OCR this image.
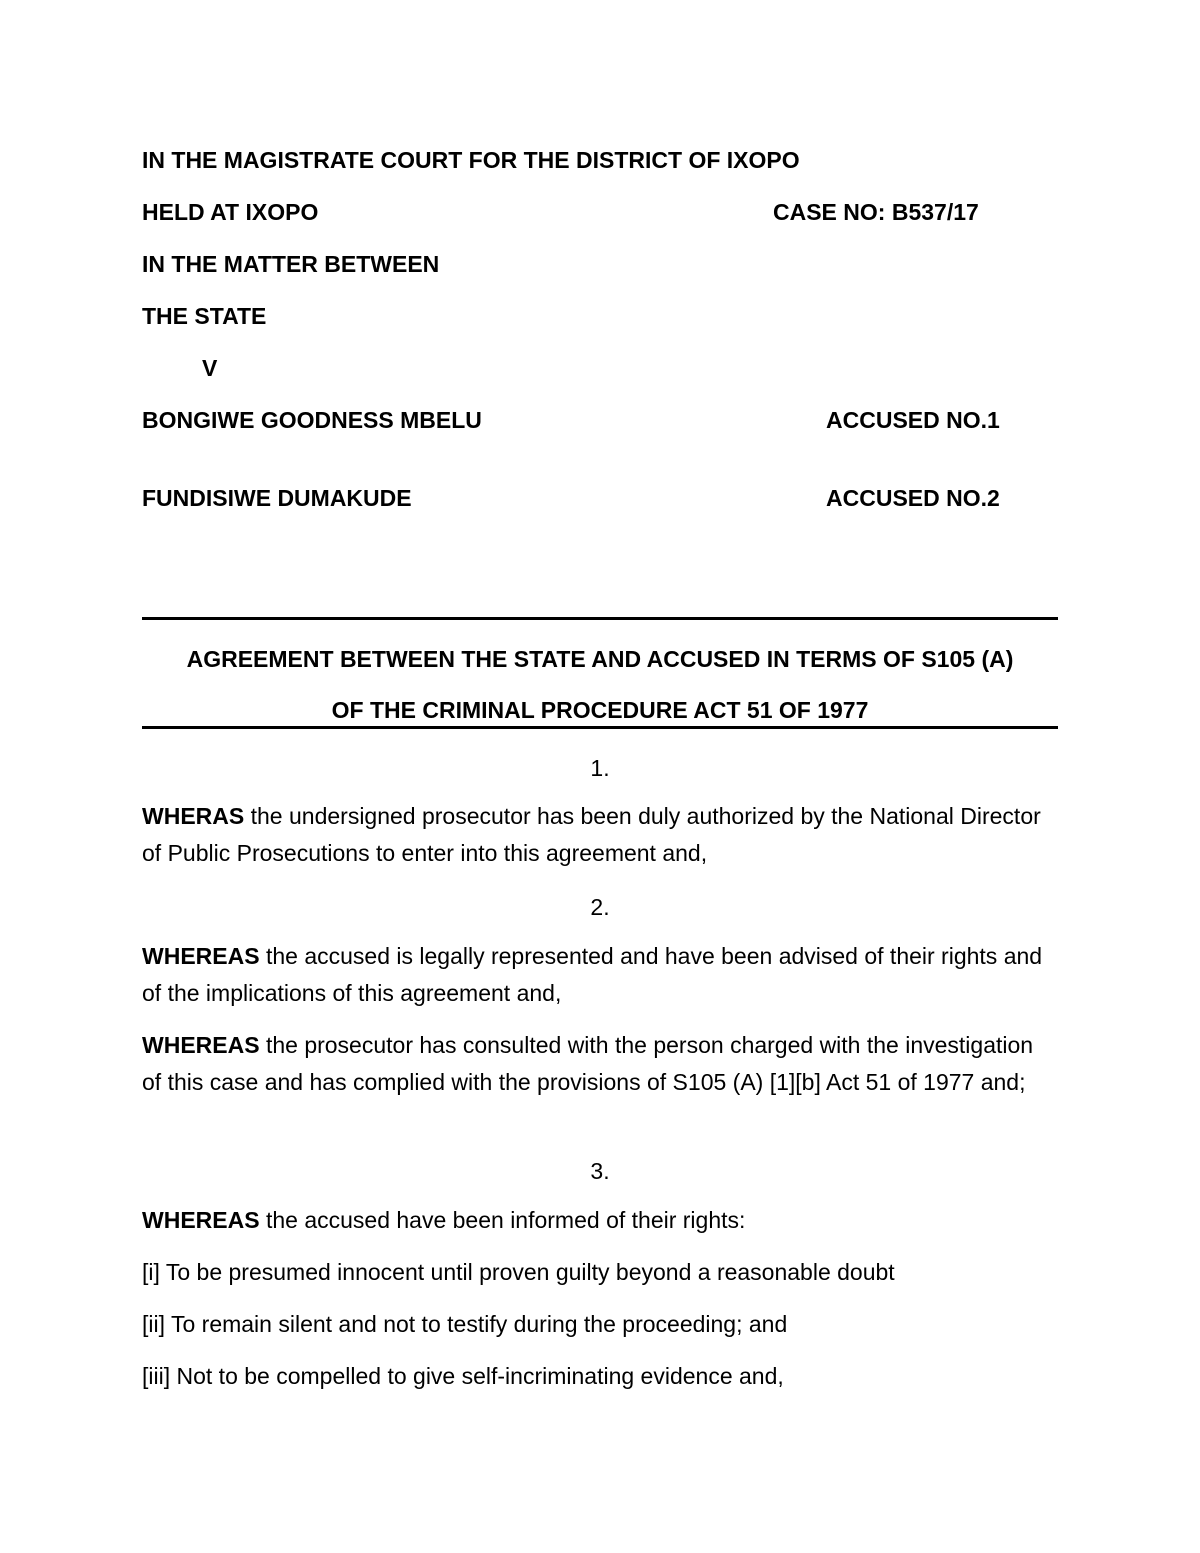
IN THE MAGISTRATE COURT FOR THE DISTRICT OF IXOPO
HELD AT IXOPO	CASE NO: B537/17
IN THE MATTER BETWEEN
THE STATE
V
BONGIWE GOODNESS MBELU	ACCUSED NO.1
FUNDISIWE DUMAKUDE	ACCUSED NO.2
AGREEMENT BETWEEN THE STATE AND ACCUSED IN TERMS OF S105 (A)
OF THE CRIMINAL PROCEDURE ACT 51 OF 1977
1.
WHERAS the undersigned prosecutor has been duly authorized by the National Director of Public Prosecutions to enter into this agreement and,
2.
WHEREAS the accused is legally represented and have been advised of their rights and of the implications of this agreement and,
WHEREAS the prosecutor has consulted with the person charged with the investigation of this case and has complied with the provisions of S105 (A) [1][b] Act 51 of 1977 and;
3.
WHEREAS the accused have been informed of their rights:
[i] To be presumed innocent until proven guilty beyond a reasonable doubt
[ii] To remain silent and not to testify during the proceeding; and
[iii] Not to be compelled to give self-incriminating evidence and,
